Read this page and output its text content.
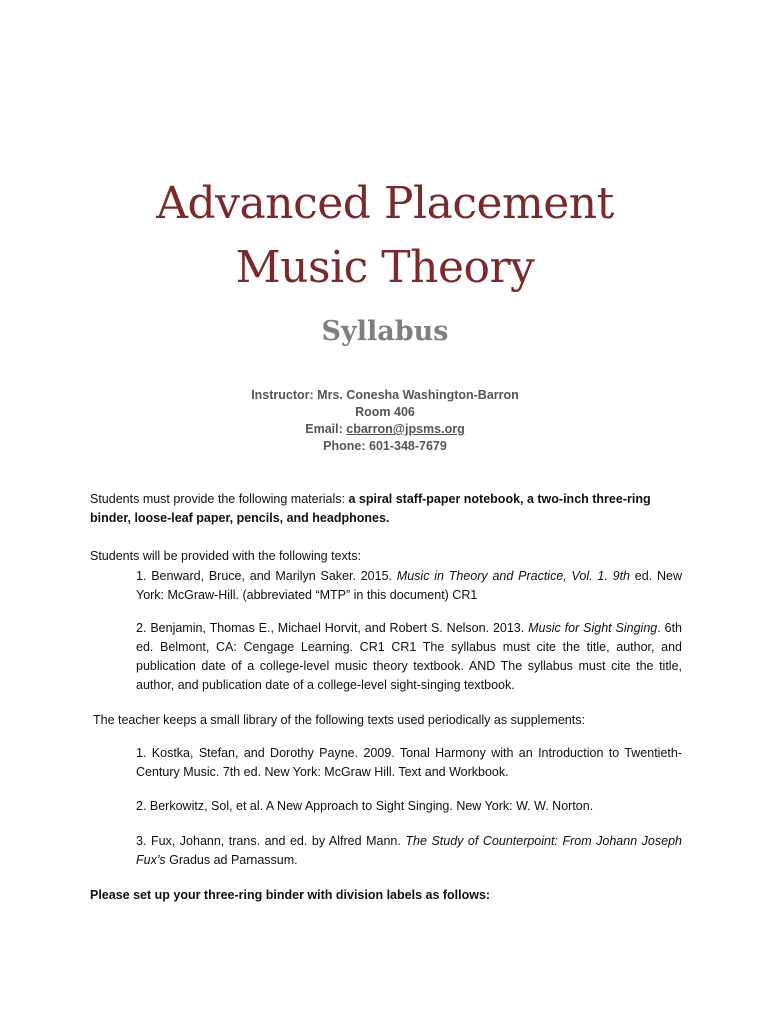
Advanced Placement
Music Theory
Syllabus
Instructor: Mrs. Conesha Washington-Barron
Room 406
Email: cbarron@jpsms.org
Phone: 601-348-7679
Students must provide the following materials: a spiral staff-paper notebook, a two-inch three-ring binder, loose-leaf paper, pencils, and headphones.
Students will be provided with the following texts:
1. Benward, Bruce, and Marilyn Saker. 2015. Music in Theory and Practice, Vol. 1. 9th ed. New York: McGraw-Hill. (abbreviated “MTP” in this document) CR1
2. Benjamin, Thomas E., Michael Horvit, and Robert S. Nelson. 2013. Music for Sight Singing. 6th ed. Belmont, CA: Cengage Learning. CR1 CR1 The syllabus must cite the title, author, and publication date of a college-level music theory textbook. AND The syllabus must cite the title, author, and publication date of a college-level sight-singing textbook.
The teacher keeps a small library of the following texts used periodically as supplements:
1. Kostka, Stefan, and Dorothy Payne. 2009. Tonal Harmony with an Introduction to Twentieth-Century Music. 7th ed. New York: McGraw Hill. Text and Workbook.
2. Berkowitz, Sol, et al. A New Approach to Sight Singing. New York: W. W. Norton.
3. Fux, Johann, trans. and ed. by Alfred Mann. The Study of Counterpoint: From Johann Joseph Fux’s Gradus ad Parnassum.
Please set up your three-ring binder with division labels as follows:
